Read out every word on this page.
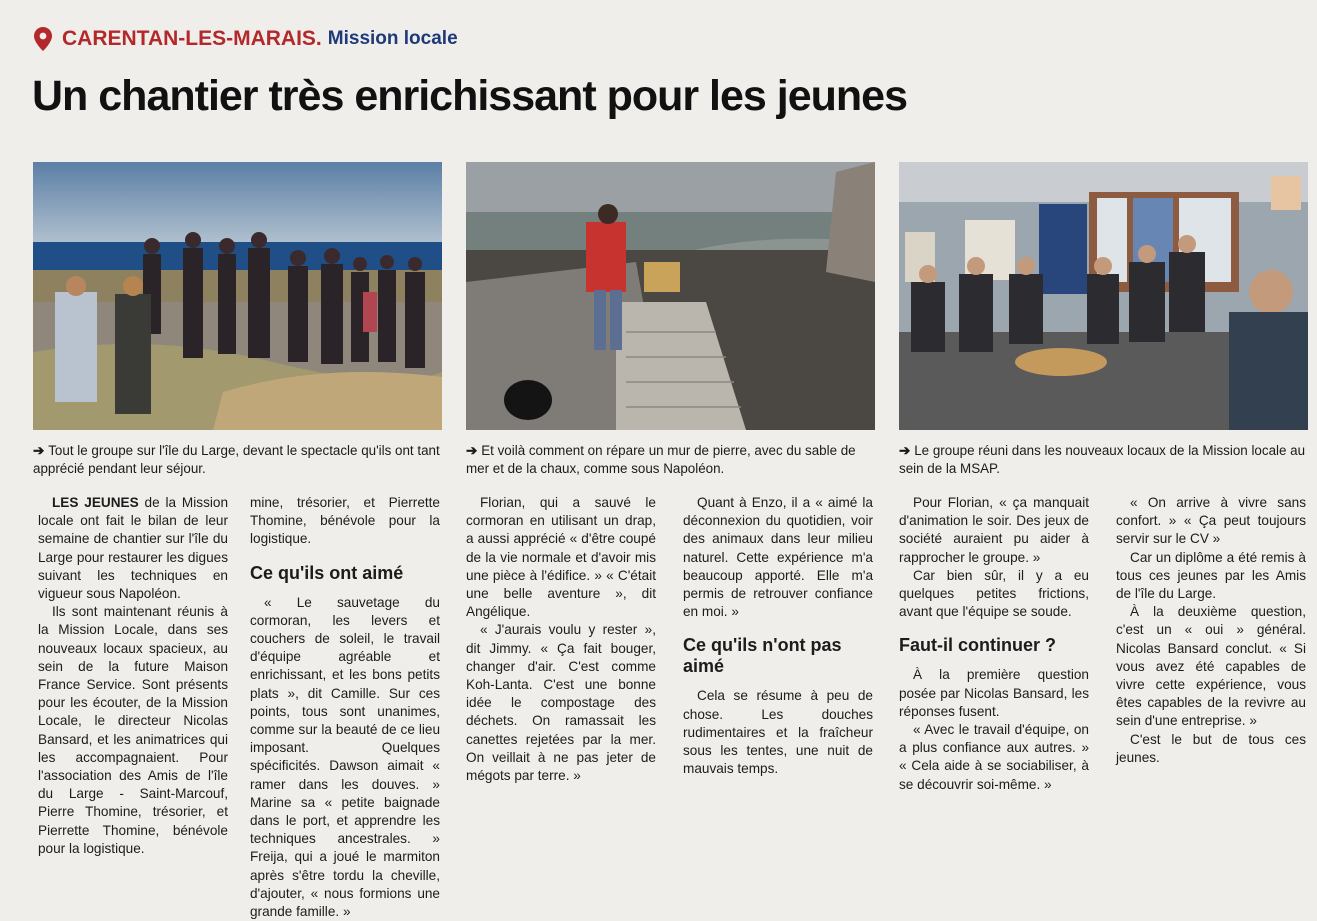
CARENTAN-LES-MARAIS. Mission locale
Un chantier très enrichissant pour les jeunes

➔ Tout le groupe sur l'île du Large, devant le spectacle qu'ils ont tant apprécié pendant leur séjour.

➔ Et voilà comment on répare un mur de pierre, avec du sable de mer et de la chaux, comme sous Napoléon.

➔ Le groupe réuni dans les nouveaux locaux de la Mission locale au sein de la MSAP.

LES JEUNES de la Mission locale ont fait le bilan de leur semaine de chantier sur l'île du Large pour restaurer les digues suivant les techniques en vigueur sous Napoléon.

Ils sont maintenant réunis à la Mission Locale, dans ses nouveaux locaux spacieux, au sein de la future Maison France Service. Sont présents pour les écouter, de la Mission Locale, le directeur Nicolas Bansard, et les animatrices qui les accompagnaient. Pour l'association des Amis de l'île du Large - Saint-Marcouf, Pierre Thomine, trésorier, et Pierrette Thomine, bénévole pour la logistique.

mine, trésorier, et Pierrette Thomine, bénévole pour la logistique.

Ce qu'ils ont aimé

« Le sauvetage du cormoran, les levers et couchers de soleil, le travail d'équipe agréable et enrichissant, et les bons petits plats », dit Camille. Sur ces points, tous sont unanimes, comme sur la beauté de ce lieu imposant. Quelques spécificités. Dawson aimait « ramer dans les douves. » Marine sa « petite baignade dans le port, et apprendre les techniques ancestrales. » Freija, qui a joué le marmiton après s'être tordu la cheville, d'ajouter, « nous formions une grande famille. »

Florian, qui a sauvé le cormoran en utilisant un drap, a aussi apprécié « d'être coupé de la vie normale et d'avoir mis une pièce à l'édifice. » « C'était une belle aventure », dit Angélique.

« J'aurais voulu y rester », dit Jimmy. « Ça fait bouger, changer d'air. C'est comme Koh-Lanta. C'est une bonne idée le compostage des déchets. On ramassait les canettes rejetées par la mer. On veillait à ne pas jeter de mégots par terre. »

Quant à Enzo, il a « aimé la déconnexion du quotidien, voir des animaux dans leur milieu naturel. Cette expérience m'a beaucoup apporté. Elle m'a permis de retrouver confiance en moi. »

Ce qu'ils n'ont pas aimé

Cela se résume à peu de chose. Les douches rudimentaires et la fraîcheur sous les tentes, une nuit de mauvais temps.

Pour Florian, « ça manquait d'animation le soir. Des jeux de société auraient pu aider à rapprocher le groupe. »

Car bien sûr, il y a eu quelques petites frictions, avant que l'équipe se soude.

Faut-il continuer ?

À la première question posée par Nicolas Bansard, les réponses fusent.

« Avec le travail d'équipe, on a plus confiance aux autres. » « Cela aide à se sociabiliser, à se découvrir soi-même. »

« On arrive à vivre sans confort. » « Ça peut toujours servir sur le CV »

Car un diplôme a été remis à tous ces jeunes par les Amis de l'île du Large.

À la deuxième question, c'est un « oui » général. Nicolas Bansard conclut. « Si vous avez été capables de vivre cette expérience, vous êtes capables de la revivre au sein d'une entreprise. »

C'est le but de tous ces jeunes.
